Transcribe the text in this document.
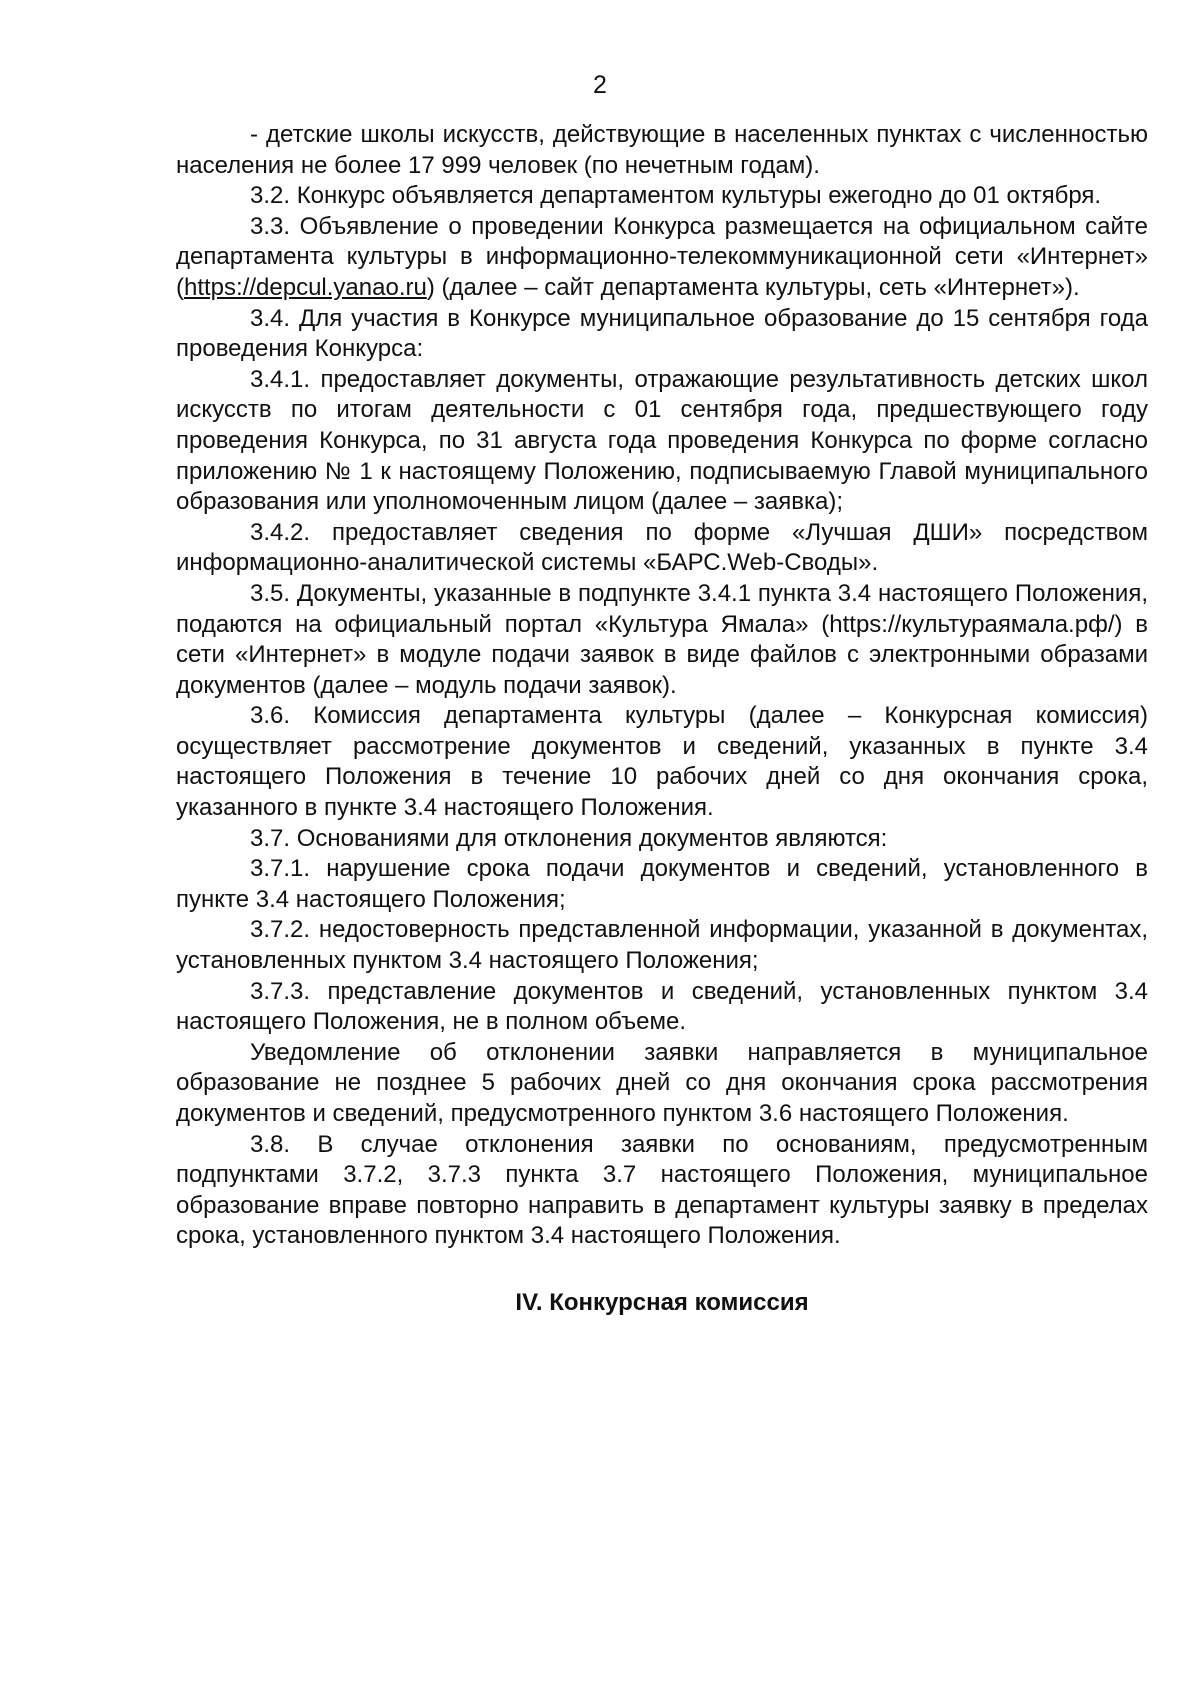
2

- детские школы искусств, действующие в населенных пунктах с численностью населения не более 17 999 человек (по нечетным годам).

3.2. Конкурс объявляется департаментом культуры ежегодно до 01 октября.

3.3. Объявление о проведении Конкурса размещается на официальном сайте департамента культуры в информационно-телекоммуникационной сети «Интернет» (https://depcul.yanao.ru) (далее – сайт департамента культуры, сеть «Интернет»).

3.4. Для участия в Конкурсе муниципальное образование до 15 сентября года проведения Конкурса:

3.4.1. предоставляет документы, отражающие результативность детских школ искусств по итогам деятельности с 01 сентября года, предшествующего году проведения Конкурса, по 31 августа года проведения Конкурса по форме согласно приложению № 1 к настоящему Положению, подписываемую Главой муниципального образования или уполномоченным лицом (далее – заявка);

3.4.2. предоставляет сведения по форме «Лучшая ДШИ» посредством информационно-аналитической системы «БАРС.Web-Своды».

3.5. Документы, указанные в подпункте 3.4.1 пункта 3.4 настоящего Положения, подаются на официальный портал «Культура Ямала» (https://культураямала.рф/) в сети «Интернет» в модуле подачи заявок в виде файлов с электронными образами документов (далее – модуль подачи заявок).

3.6. Комиссия департамента культуры (далее – Конкурсная комиссия) осуществляет рассмотрение документов и сведений, указанных в пункте 3.4 настоящего Положения в течение 10 рабочих дней со дня окончания срока, указанного в пункте 3.4 настоящего Положения.

3.7. Основаниями для отклонения документов являются:

3.7.1. нарушение срока подачи документов и сведений, установленного в пункте 3.4 настоящего Положения;

3.7.2. недостоверность представленной информации, указанной в документах, установленных пунктом 3.4 настоящего Положения;

3.7.3. представление документов и сведений, установленных пунктом 3.4 настоящего Положения, не в полном объеме.

Уведомление об отклонении заявки направляется в муниципальное образование не позднее 5 рабочих дней со дня окончания срока рассмотрения документов и сведений, предусмотренного пунктом 3.6 настоящего Положения.

3.8. В случае отклонения заявки по основаниям, предусмотренным подпунктами 3.7.2, 3.7.3 пункта 3.7 настоящего Положения, муниципальное образование вправе повторно направить в департамент культуры заявку в пределах срока, установленного пунктом 3.4 настоящего Положения.

IV. Конкурсная комиссия
